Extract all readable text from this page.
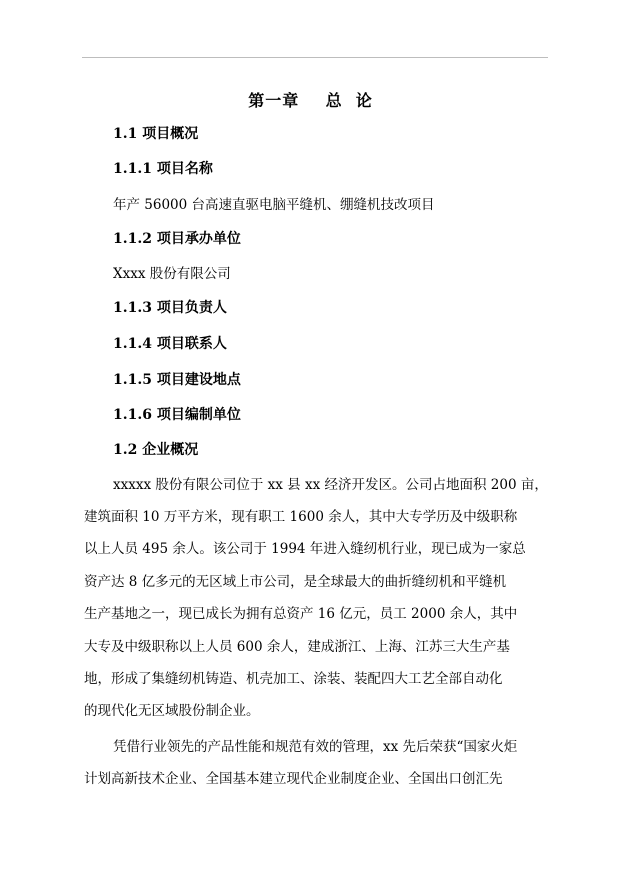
第一章    总  论
1.1 项目概况
1.1.1 项目名称
年产 56000 台高速直驱电脑平缝机、绷缝机技改项目
1.1.2 项目承办单位
Xxxx 股份有限公司
1.1.3 项目负责人
1.1.4 项目联系人
1.1.5 项目建设地点
1.1.6 项目编制单位
1.2 企业概况
xxxxx 股份有限公司位于 xx 县 xx 经济开发区。公司占地面积 200 亩，
建筑面积 10 万平方米，现有职工 1600 余人，其中大专学历及中级职称
以上人员 495 余人。该公司于 1994 年进入缝纫机行业，现已成为一家总
资产达 8 亿多元的无区域上市公司，是全球最大的曲折缝纫机和平缝机
生产基地之一，现已成长为拥有总资产 16 亿元，员工 2000 余人，其中
大专及中级职称以上人员 600 余人，建成浙江、上海、江苏三大生产基
地，形成了集缝纫机铸造、机壳加工、涂装、装配四大工艺全部自动化
的现代化无区域股份制企业。
凭借行业领先的产品性能和规范有效的管理，xx 先后荣获“国家火炬
计划高新技术企业、全国基本建立现代企业制度企业、全国出口创汇先
